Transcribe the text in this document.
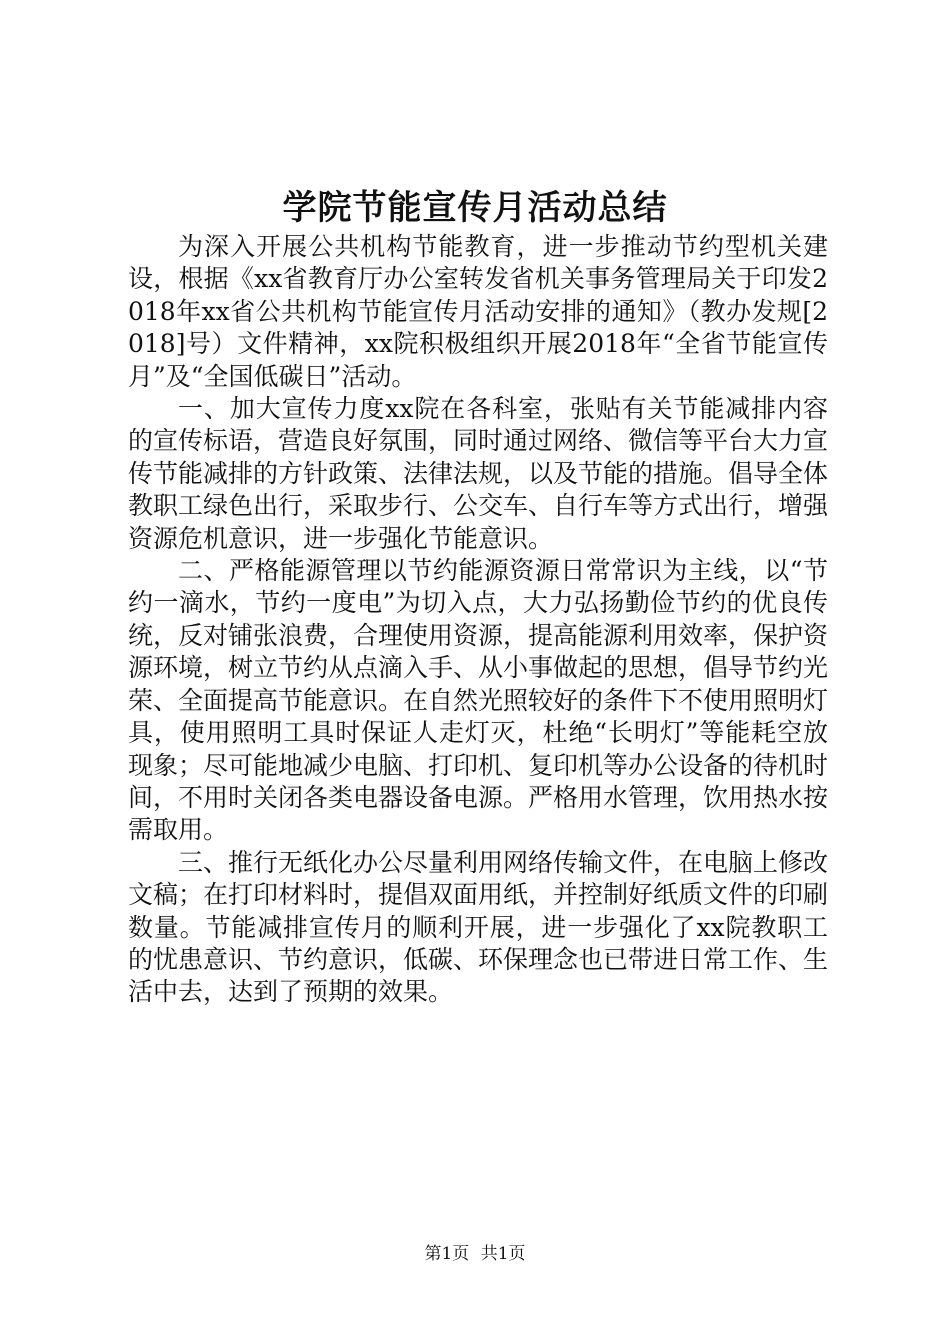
学院节能宣传月活动总结

为深入开展公共机构节能教育，进一步推动节约型机关建设，根据《xx省教育厅办公室转发省机关事务管理局关于印发2018年xx省公共机构节能宣传月活动安排的通知》（教办发规[2018]号）文件精神，xx院积极组织开展2018年“全省节能宣传月”及“全国低碳日”活动。

一、加大宣传力度xx院在各科室，张贴有关节能减排内容的宣传标语，营造良好氛围，同时通过网络、微信等平台大力宣传节能减排的方针政策、法律法规，以及节能的措施。倡导全体教职工绿色出行，采取步行、公交车、自行车等方式出行，增强资源危机意识，进一步强化节能意识。

二、严格能源管理以节约能源资源日常常识为主线，以“节约一滴水，节约一度电”为切入点，大力弘扬勤俭节约的优良传统，反对铺张浪费，合理使用资源，提高能源利用效率，保护资源环境，树立节约从点滴入手、从小事做起的思想，倡导节约光荣、全面提高节能意识。在自然光照较好的条件下不使用照明灯具，使用照明工具时保证人走灯灭，杜绝“长明灯”等能耗空放现象；尽可能地减少电脑、打印机、复印机等办公设备的待机时间，不用时关闭各类电器设备电源。严格用水管理，饮用热水按需取用。

三、推行无纸化办公尽量利用网络传输文件，在电脑上修改文稿；在打印材料时，提倡双面用纸，并控制好纸质文件的印刷数量。节能减排宣传月的顺利开展，进一步强化了xx院教职工的忧患意识、节约意识，低碳、环保理念也已带进日常工作、生活中去，达到了预期的效果。

第1页 共1页
